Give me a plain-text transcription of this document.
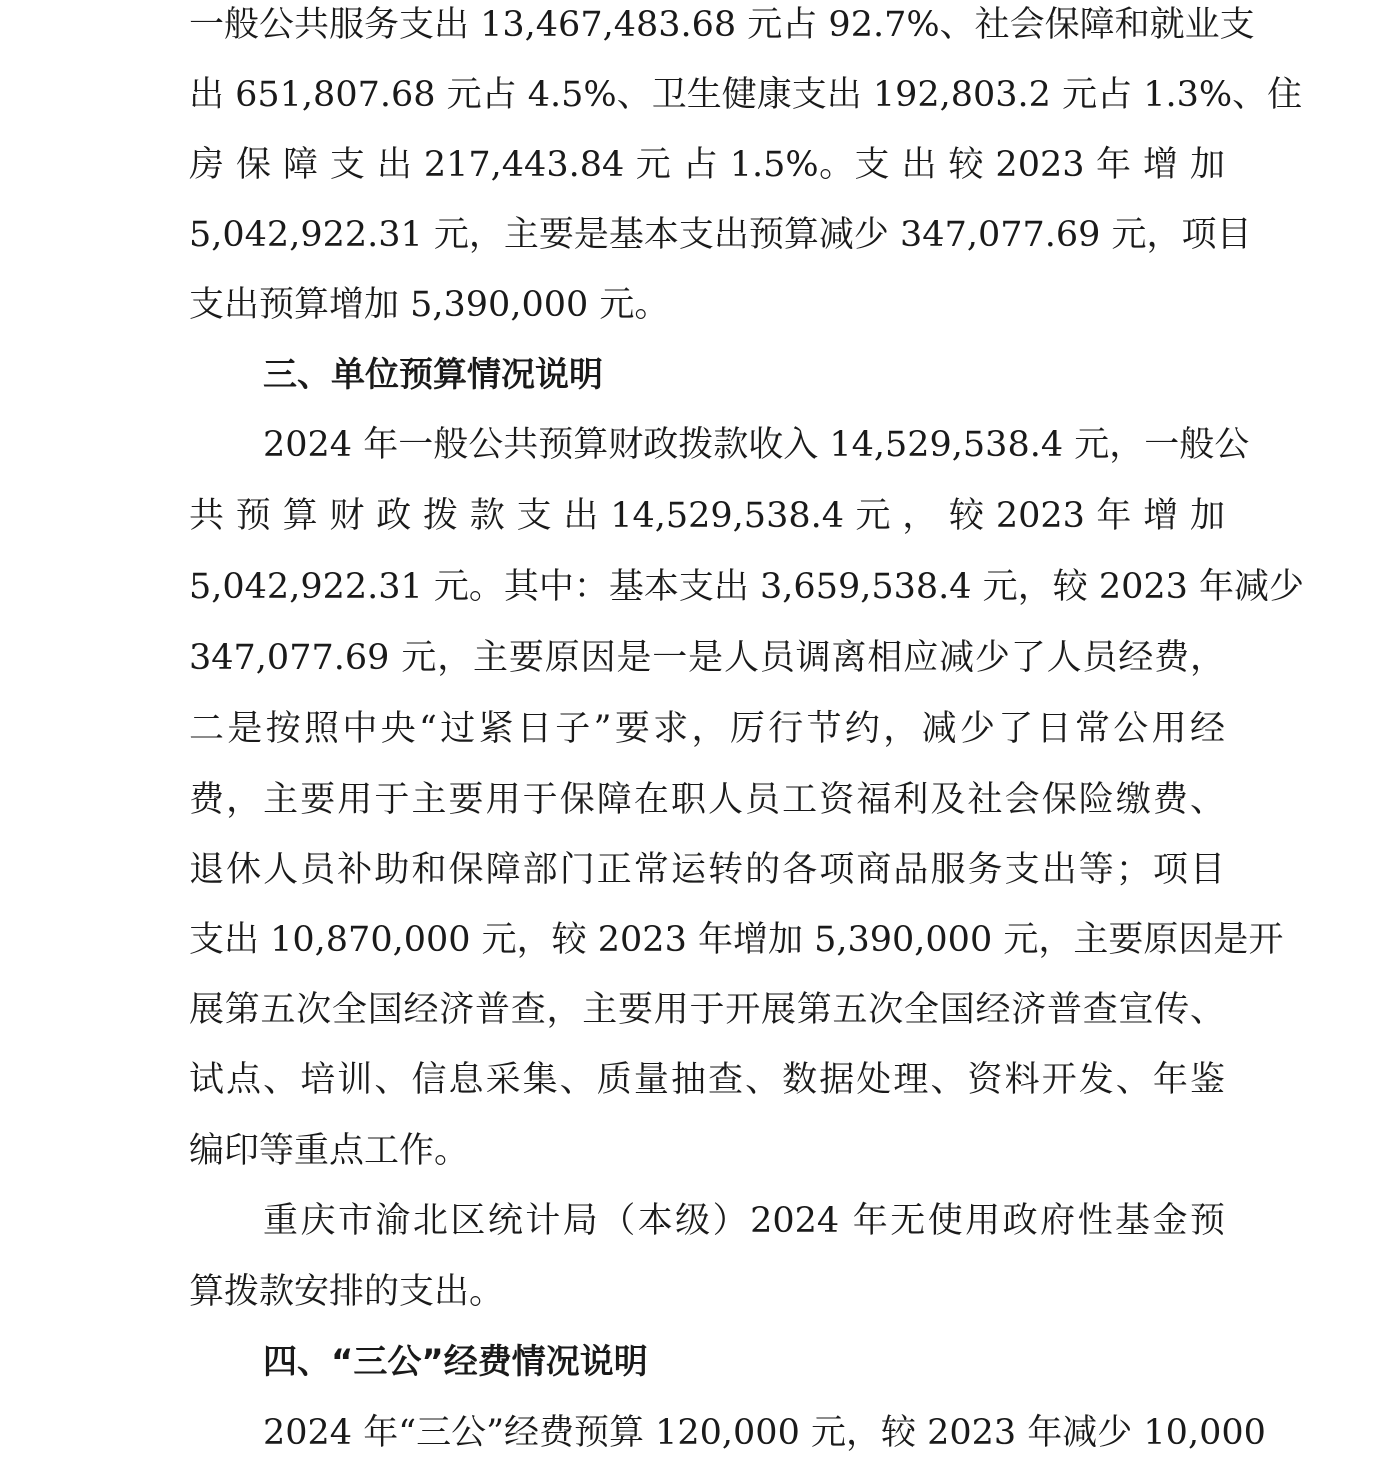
一般公共服务支出 13,467,483.68 元占 92.7%、社会保障和就业支
出 651,807.68 元占 4.5%、卫生健康支出 192,803.2 元占 1.3%、住
房 保 障 支 出 217,443.84 元 占 1.5%。支 出 较 2023 年 增 加
5,042,922.31 元，主要是基本支出预算减少 347,077.69 元，项目
支出预算增加 5,390,000 元。
三、单位预算情况说明
2024 年一般公共预算财政拨款收入 14,529,538.4 元，一般公
共 预 算 财 政 拨 款 支 出 14,529,538.4 元 ， 较 2023 年 增 加
5,042,922.31 元。其中：基本支出 3,659,538.4 元，较 2023 年减少
347,077.69 元，主要原因是一是人员调离相应减少了人员经费，
二是按照中央“过紧日子”要求，厉行节约，减少了日常公用经
费，主要用于主要用于保障在职人员工资福利及社会保险缴费、
退休人员补助和保障部门正常运转的各项商品服务支出等；项目
支出 10,870,000 元，较 2023 年增加 5,390,000 元，主要原因是开
展第五次全国经济普查，主要用于开展第五次全国经济普查宣传、
试点、培训、信息采集、质量抽查、数据处理、资料开发、年鉴
编印等重点工作。
重庆市渝北区统计局（本级）2024 年无使用政府性基金预
算拨款安排的支出。
四、“三公”经费情况说明
2024 年“三公”经费预算 120,000 元，较 2023 年减少 10,000
